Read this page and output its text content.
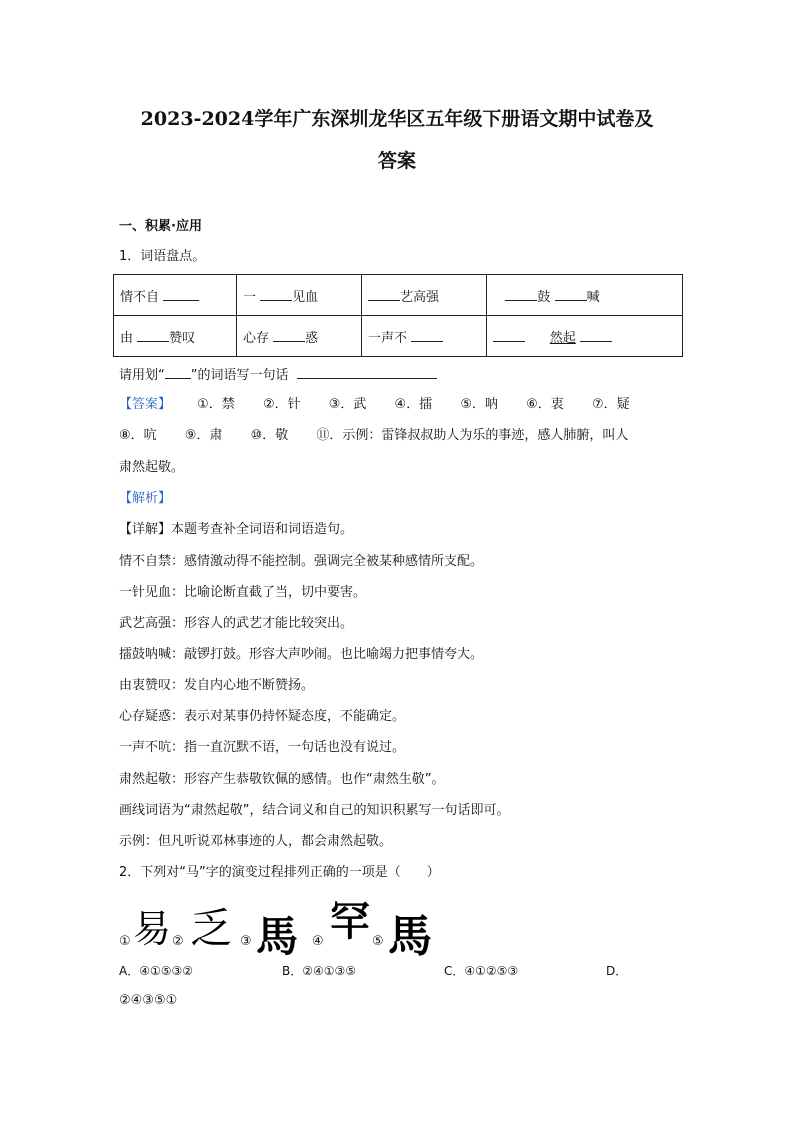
2023-2024学年广东深圳龙华区五年级下册语文期中试卷及
答案
一、积累·应用
1．词语盘点。
情不自	一 见血	艺高强	鼓 喊
由 赞叹	心存 惑	一声不	然起
请用划“ ”的词语写一句话
【答案】 ①．禁 ②．针 ③．武 ④．擂 ⑤．呐 ⑥．衷 ⑦．疑
⑧．吭 ⑨．肃 ⑩．敬 ⑪．示例：雷锋叔叔助人为乐的事迹，感人肺腑，叫人
肃然起敬。
【解析】
【详解】本题考查补全词语和词语造句。
情不自禁：感情激动得不能控制。强调完全被某种感情所支配。
一针见血：比喻论断直截了当，切中要害。
武艺高强：形容人的武艺才能比较突出。
擂鼓呐喊：敲锣打鼓。形容大声吵闹。也比喻竭力把事情夸大。
由衷赞叹：发自内心地不断赞扬。
心存疑惑：表示对某事仍持怀疑态度，不能确定。
一声不吭：指一直沉默不语，一句话也没有说过。
肃然起敬：形容产生恭敬钦佩的感情。也作“肃然生敬”。
画线词语为“肃然起敬”，结合词义和自己的知识积累写一句话即可。
示例：但凡听说邓林事迹的人，都会肃然起敬。
2．下列对“马”字的演变过程排列正确的一项是（　　）
① 易 ② 乏 ③ 馬 ④ 罕 ⑤ 馬
A．④①⑤③②	B．②④①③⑤	C．④①②⑤③	D．
②④③⑤①
